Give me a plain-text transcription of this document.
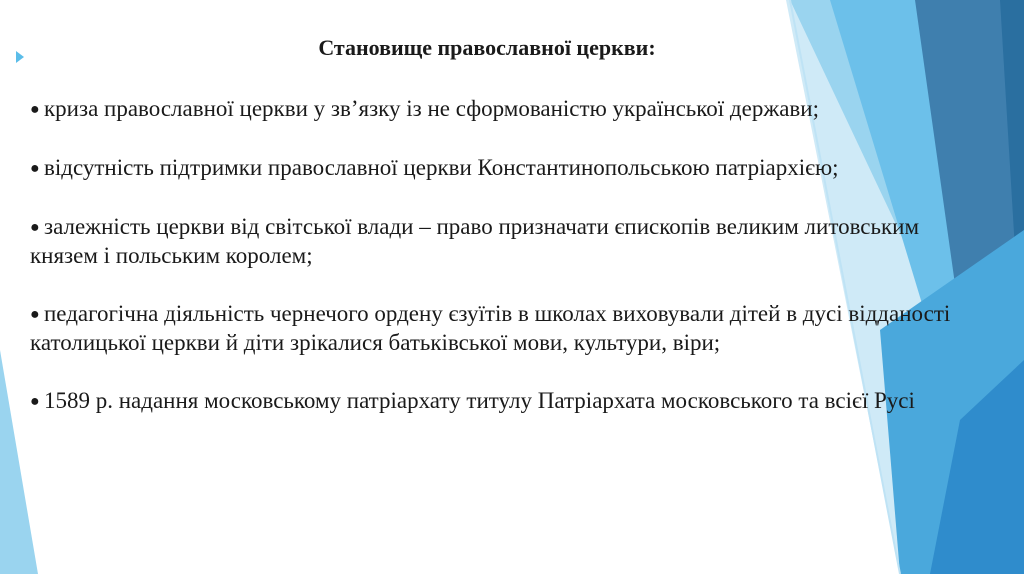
Становище православної церкви:
● криза православної церкви у зв’язку із не сформованістю української держави;
● відсутність підтримки православної церкви Константинопольською патріархією;
● залежність церкви від світської влади – право призначати єпископів великим литовським князем і польським королем;
● педагогічна діяльність чернечого ордену єзуїтів в школах виховували дітей в дусі відданості католицької церкви й діти зрікалися батьківської мови, культури, віри;
● 1589 р. надання московському патріархату титулу Патріархата московського та всієї Русі
